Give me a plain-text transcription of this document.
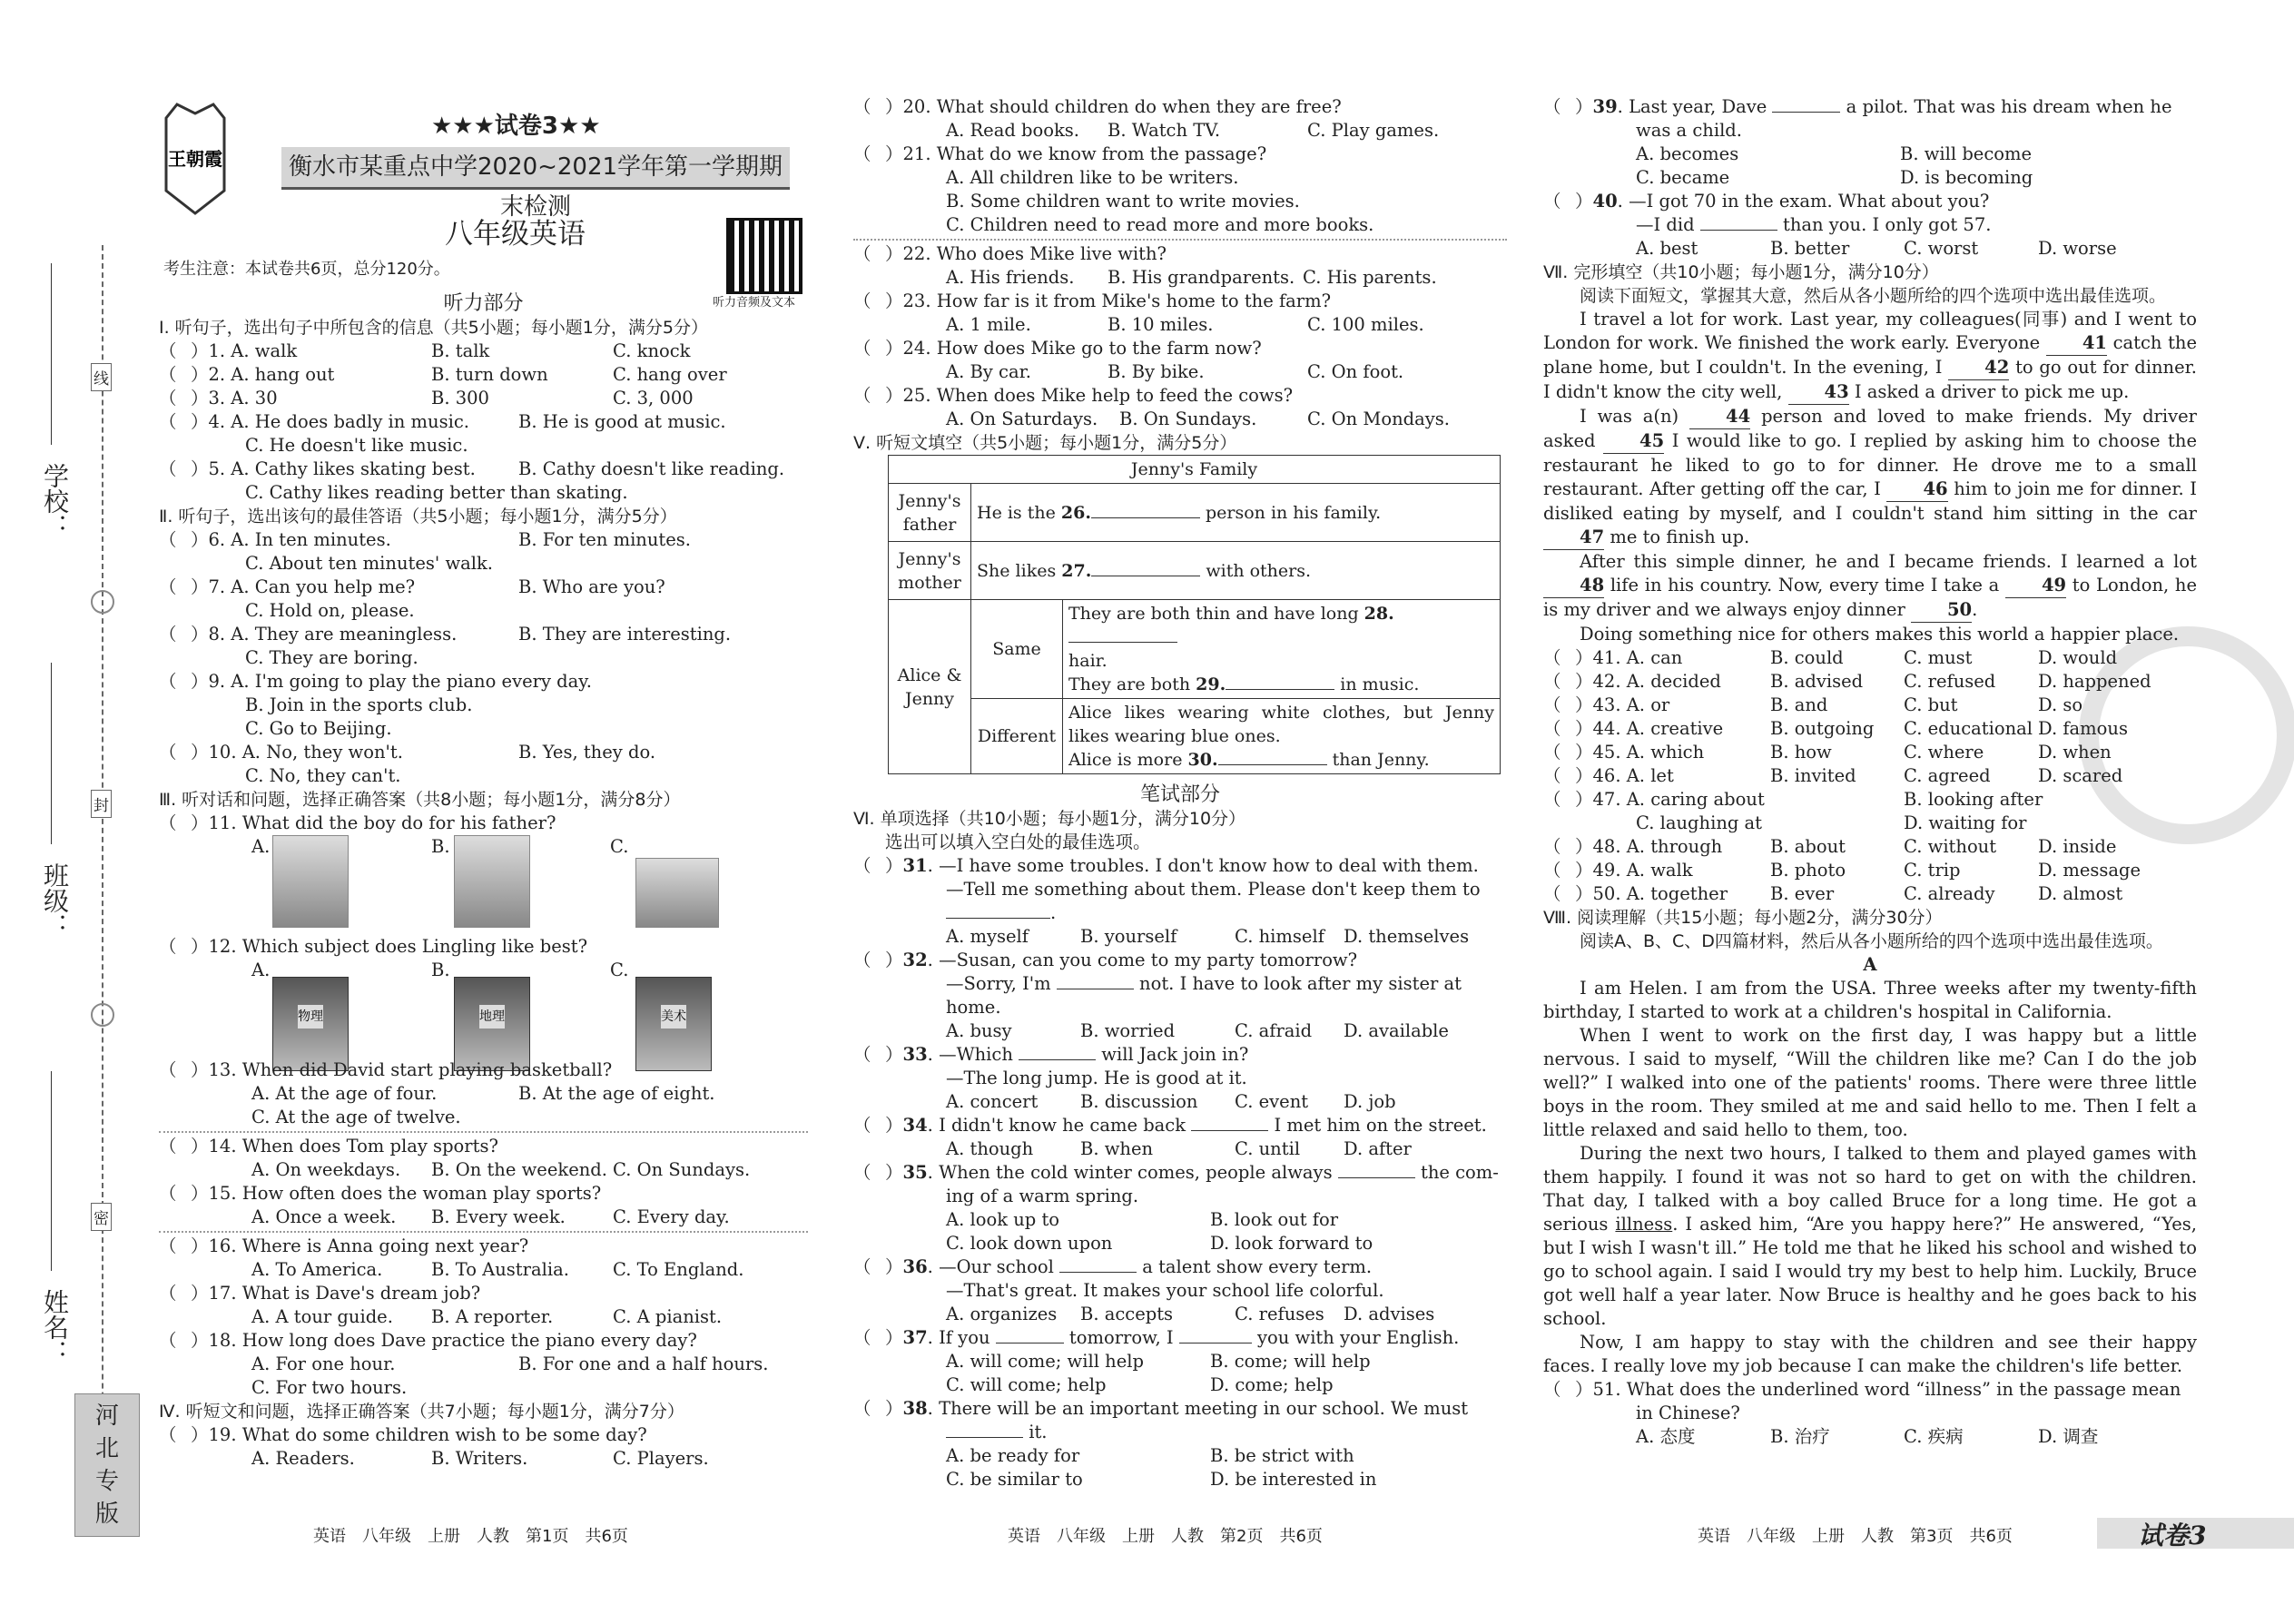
学校：
班级：
姓名：
线
封
密
河
北
专
版
王朝霞
★★★试卷3★★
衡水市某重点中学2020~2021学年第一学期期末检测
八年级英语
听力音频及文本
考生注意：本试卷共6页，总分120分。
听力部分
Ⅰ. 听句子，选出句子中所包含的信息（共5小题；每小题1分，满分5分）
（ ）1. A. walk	B. talk	C. knock
（ ）2. A. hang out	B. turn down	C. hang over
（ ）3. A. 30	B. 300	C. 3, 000
（ ）4. A. He does badly in music.	B. He is good at music.
C. He doesn't like music.
（ ）5. A. Cathy likes skating best. B. Cathy doesn't like reading.
C. Cathy likes reading better than skating.
Ⅱ. 听句子，选出该句的最佳答语（共5小题；每小题1分，满分5分）
（ ）6. A. In ten minutes.	B. For ten minutes.
C. About ten minutes' walk.
（ ）7. A. Can you help me?	B. Who are you?
C. Hold on, please.
（ ）8. A. They are meaningless.	B. They are interesting.
C. They are boring.
（ ）9. A. I'm going to play the piano every day.
B. Join in the sports club.
C. Go to Beijing.
（ ）10. A. No, they won't.	B. Yes, they do.
C. No, they can't.
Ⅲ. 听对话和问题，选择正确答案（共8小题；每小题1分，满分8分）
（ ）11. What did the boy do for his father?
A.	B.	C.
（ ）12. Which subject does Lingling like best?
A.
物理
B.
地理
C.
美术
（ ）13. When did David start playing basketball?
A. At the age of four.	B. At the age of eight.
C. At the age of twelve.
（ ）14. When does Tom play sports?
A. On weekdays. B. On the weekend. C. On Sundays.
（ ）15. How often does the woman play sports?
A. Once a week. B. Every week.	C. Every day.
（ ）16. Where is Anna going next year?
A. To America.	B. To Australia. C. To England.
（ ）17. What is Dave's dream job?
A. A tour guide. B. A reporter.	C. A pianist.
（ ）18. How long does Dave practice the piano every day?
A. For one hour.	B. For one and a half hours.
C. For two hours.
Ⅳ. 听短文和问题，选择正确答案（共7小题；每小题1分，满分7分）
（ ）19. What do some children wish to be some day?
A. Readers.	B. Writers.	C. Players.
英语　八年级　上册　人教　第1页　共6页
（ ）20. What should children do when they are free?
A. Read books. B. Watch TV.	C. Play games.
（ ）21. What do we know from the passage?
A. All children like to be writers.
B. Some children want to write movies.
C. Children need to read more and more books.
（ ）22. Who does Mike live with?
A. His friends. B. His grandparents. C. His parents.
（ ）23. How far is it from Mike's home to the farm?
A. 1 mile.	B. 10 miles.	C. 100 miles.
（ ）24. How does Mike go to the farm now?
A. By car.	B. By bike.	C. On foot.
（ ）25. When does Mike help to feed the cows?
A. On Saturdays. B. On Sundays.	C. On Mondays.
Ⅴ. 听短文填空（共5小题；每小题1分，满分5分）
Jenny's Family		
Jenny's father	He is the 26. person in his family.	
Jenny's mother	She likes 27. with others.	
Alice & Jenny	Same	They are both thin and have long 28.
hair.
They are both 29. in music.
	Different	Alice likes wearing white clothes, but Jenny likes wearing blue ones.
Alice is more 30. than Jenny.
笔试部分
Ⅵ. 单项选择（共10小题；每小题1分，满分10分）
选出可以填入空白处的最佳选项。
（ ）31. —I have some troubles. I don't know how to deal with them.
—Tell me something about them. Please don't keep them to
.
A. myself	B. yourself	C. himself D. themselves
（ ）32. —Susan, can you come to my party tomorrow?
—Sorry, I'm	not. I have to look after my sister at
home.
A. busy	B. worried	C. afraid D. available
（ ）33. —Which	will Jack join in?
—The long jump. He is good at it.
A. concert B. discussion C. event D. job
（ ）34. I didn't know he came back	I met him on the street.
A. though	B. when	C. until D. after
（ ）35. When the cold winter comes, people always	the com-
ing of a warm spring.
A. look up to	B. look out for
C. look down upon	D. look forward to
（ ）36. —Our school	a talent show every term.
—That's great. It makes your school life colorful.
A. organizes B. accepts	C. refuses D. advises
（ ）37. If you	tomorrow, I	you with your English.
A. will come; will help	B. come; will help
C. will come; help	D. come; help
（ ）38. There will be an important meeting in our school. We must
it.
A. be ready for	B. be strict with
C. be similar to	D. be interested in
英语　八年级　上册　人教　第2页　共6页
（ ）39. Last year, Dave	a pilot. That was his dream when he
was a child.
A. becomes	B. will become
C. became	D. is becoming
（ ）40. —I got 70 in the exam. What about you?
—I did	than you. I only got 57.
A. best	B. better	C. worst	D. worse
Ⅶ. 完形填空（共10小题；每小题1分，满分10分）
阅读下面短文，掌握其大意，然后从各小题所给的四个选项中选出最佳选项。
I travel a lot for work. Last year, my colleagues(同事) and I went to London for work. We finished the work early. Everyone 41 catch the plane home, but I couldn't. In the evening, I 42 to go out for dinner. I didn't know the city well, 43 I asked a driver to pick me up.
I was a(n)	44 person and loved to make friends. My driver asked 45 I would like to go. I replied by asking him to choose the restaurant he liked to go to for dinner. He drove me to a small restaurant. After getting off the car, I 46 him to join me for dinner. I disliked eating by myself, and I couldn't stand him sitting in the car 47 me to finish up.
After this simple dinner, he and I became friends. I learned a lot 48 life in his country. Now, every time I take a 49 to London, he is my driver and we always enjoy dinner 50.
Doing something nice for others makes this world a happier place.
（ ）41. A. can	B. could	C. must	D. would
（ ）42. A. decided	B. advised C. refused D. happened
（ ）43. A. or	B. and	C. but	D. so
（ ）44. A. creative	B. outgoing C. educational D. famous
（ ）45. A. which	B. how	C. where	D. when
（ ）46. A. let	B. invited	C. agreed	D. scared
（ ）47. A. caring about	B. looking after
C. laughing at	D. waiting for
（ ）48. A. through	B. about	C. without D. inside
（ ）49. A. walk	B. photo	C. trip	D. message
（ ）50. A. together B. ever	C. already D. almost
Ⅷ. 阅读理解（共15小题；每小题2分，满分30分）
阅读A、B、C、D四篇材料，然后从各小题所给的四个选项中选出最佳选项。
A
I am Helen. I am from the USA. Three weeks after my twenty-fifth birthday, I started to work at a children's hospital in California.
When I went to work on the first day, I was happy but a little nervous. I said to myself, “Will the children like me? Can I do the job well?” I walked into one of the patients' rooms. There were three little boys in the room. They smiled at me and said hello to me. Then I felt a little relaxed and said hello to them, too.
During the next two hours, I talked to them and played games with them happily. I found it was not so hard to get on with the children. That day, I talked with a boy called Bruce for a long time. He got a serious illness. I asked him, “Are you happy here?” He answered, “Yes, but I wish I wasn't ill.” He told me that he liked his school and wished to go to school again. I said I would try my best to help him. Luckily, Bruce got well half a year later. Now Bruce is healthy and he goes back to his school.
Now, I am happy to stay with the children and see their happy faces. I really love my job because I can make the children's life better.
（ ）51. What does the underlined word “illness” in the passage mean
in Chinese?
A. 态度	B. 治疗	C. 疾病	D. 调查
英语　八年级　上册　人教　第3页　共6页	试卷3
